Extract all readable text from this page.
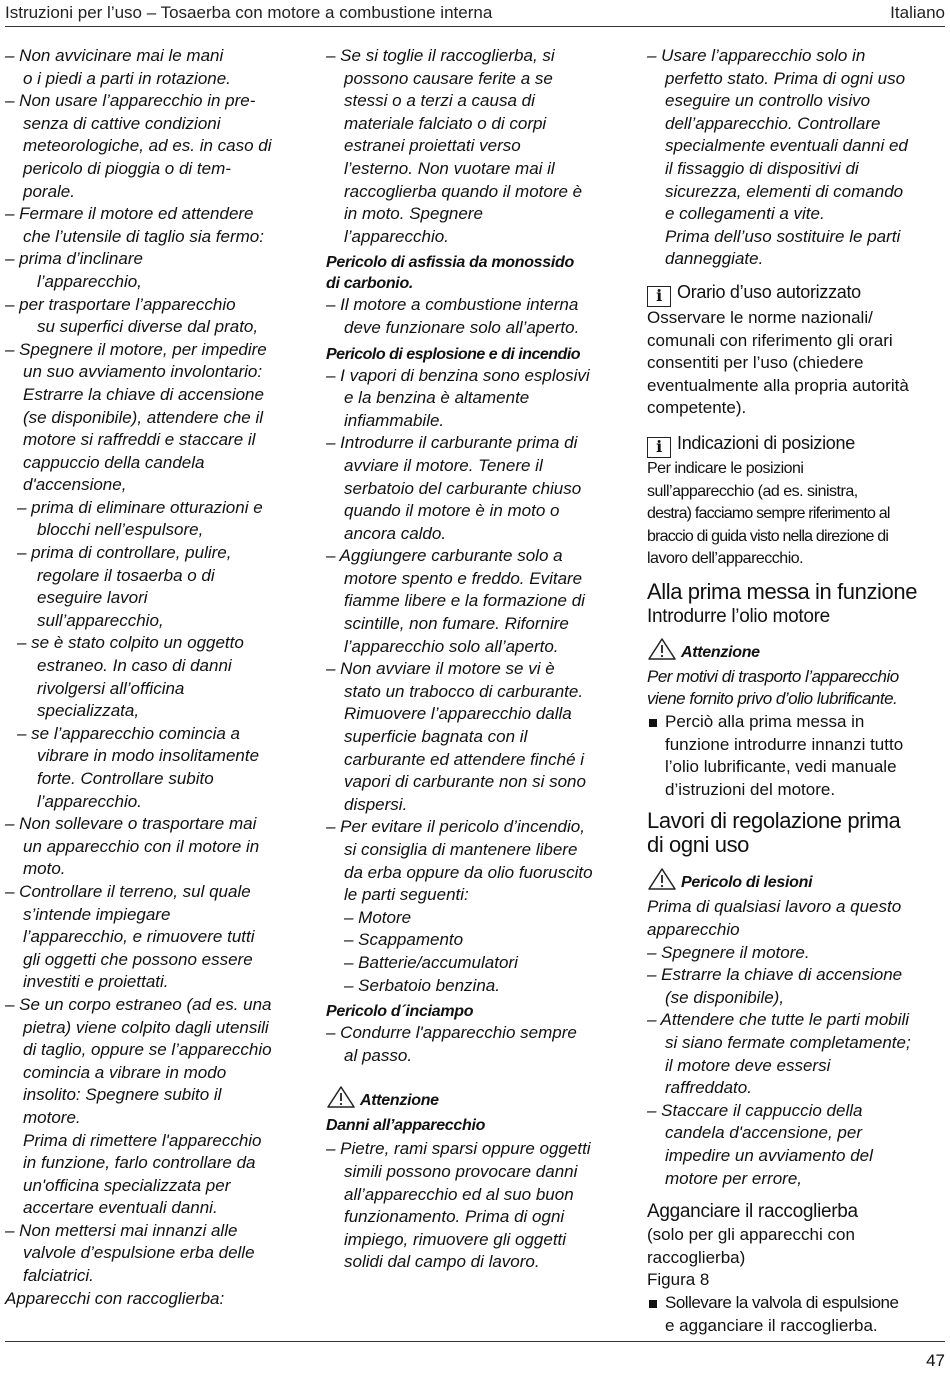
Istruzioni per l’uso – Tosaerba con motore a combustione interna	Italiano
– Non avvicinare mai le mani
o i piedi a parti in rotazione.
– Non usare l’apparecchio in pre-
senza di cattive condizioni
meteorologiche, ad es. in caso di
pericolo di pioggia o di tem-
porale.
– Fermare il motore ed attendere
che l’utensile di taglio sia fermo:
– prima d’inclinare
l’apparecchio,
– per trasportare l’apparecchio
su superfici diverse dal prato,
– Spegnere il motore, per impedire
un suo avviamento involontario:
Estrarre la chiave di accensione
(se disponibile), attendere che il
motore si raffreddi e staccare il
cappuccio della candela
d'accensione,
– prima di eliminare otturazioni e
blocchi nell’espulsore,
– prima di controllare, pulire,
regolare il tosaerba o di
eseguire lavori
sull’apparecchio,
– se è stato colpito un oggetto
estraneo. In caso di danni
rivolgersi all’officina
specializzata,
– se l’apparecchio comincia a
vibrare in modo insolitamente
forte. Controllare subito
l’apparecchio.
– Non sollevare o trasportare mai
un apparecchio con il motore in
moto.
– Controllare il terreno, sul quale
s’intende impiegare
l’apparecchio, e rimuovere tutti
gli oggetti che possono essere
investiti e proiettati.
– Se un corpo estraneo (ad es. una
pietra) viene colpito dagli utensili
di taglio, oppure se l’apparecchio
comincia a vibrare in modo
insolito: Spegnere subito il
motore.
Prima di rimettere l'apparecchio
in funzione, farlo controllare da
un'officina specializzata per
accertare eventuali danni.
– Non mettersi mai innanzi alle
valvole d’espulsione erba delle
falciatrici.
Apparecchi con raccoglierba:
– Se si toglie il raccoglierba, si
possono causare ferite a se
stessi o a terzi a causa di
materiale falciato o di corpi
estranei proiettati verso
l’esterno. Non vuotare mai il
raccoglierba quando il motore è
in moto. Spegnere
l’apparecchio.
Pericolo di asfissia da monossido
di carbonio.
– Il motore a combustione interna
deve funzionare solo all’aperto.
Pericolo di esplosione e di incendio
– I vapori di benzina sono esplosivi
e la benzina è altamente
infiammabile.
– Introdurre il carburante prima di
avviare il motore. Tenere il
serbatoio del carburante chiuso
quando il motore è in moto o
ancora caldo.
– Aggiungere carburante solo a
motore spento e freddo. Evitare
fiamme libere e la formazione di
scintille, non fumare. Rifornire
l’apparecchio solo all’aperto.
– Non avviare il motore se vi è
stato un trabocco di carburante.
Rimuovere l’apparecchio dalla
superficie bagnata con il
carburante ed attendere finché i
vapori di carburante non si sono
dispersi.
– Per evitare il pericolo d’incendio,
si consiglia di mantenere libere
da erba oppure da olio fuoruscito
le parti seguenti:
– Motore
– Scappamento
– Batterie/accumulatori
– Serbatoio benzina.
Pericolo d´inciampo
– Condurre l'apparecchio sempre
al passo.
Attenzione
Danni all’apparecchio
– Pietre, rami sparsi oppure oggetti
simili possono provocare danni
all’apparecchio ed al suo buon
funzionamento. Prima di ogni
impiego, rimuovere gli oggetti
solidi dal campo di lavoro.
– Usare l’apparecchio solo in
perfetto stato. Prima di ogni uso
eseguire un controllo visivo
dell’apparecchio. Controllare
specialmente eventuali danni ed
il fissaggio di dispositivi di
sicurezza, elementi di comando
e collegamenti a vite.
Prima dell’uso sostituire le parti
danneggiate.
i Orario d’uso autorizzato
Osservare le norme nazionali/
comunali con riferimento gli orari
consentiti per l’uso (chiedere
eventualmente alla propria autorità
competente).
i Indicazioni di posizione
Per indicare le posizioni
sull’apparecchio (ad es. sinistra,
destra) facciamo sempre riferimento al
braccio di guida visto nella direzione di
lavoro dell’apparecchio.
Alla prima messa in funzione
Introdurre l’olio motore
Attenzione
Per motivi di trasporto l’apparecchio
viene fornito privo d’olio lubrificante.
Perciò alla prima messa in
funzione introdurre innanzi tutto
l’olio lubrificante, vedi manuale
d’istruzioni del motore.
Lavori di regolazione prima
di ogni uso
Pericolo di lesioni
Prima di qualsiasi lavoro a questo
apparecchio
– Spegnere il motore.
– Estrarre la chiave di accensione
(se disponibile),
– Attendere che tutte le parti mobili
si siano fermate completamente;
il motore deve essersi
raffreddato.
– Staccare il cappuccio della
candela d'accensione, per
impedire un avviamento del
motore per errore,
Agganciare il raccoglierba
(solo per gli apparecchi con
raccoglierba)
Figura 8
Sollevare la valvola di espulsione
e agganciare il raccoglierba.
47
